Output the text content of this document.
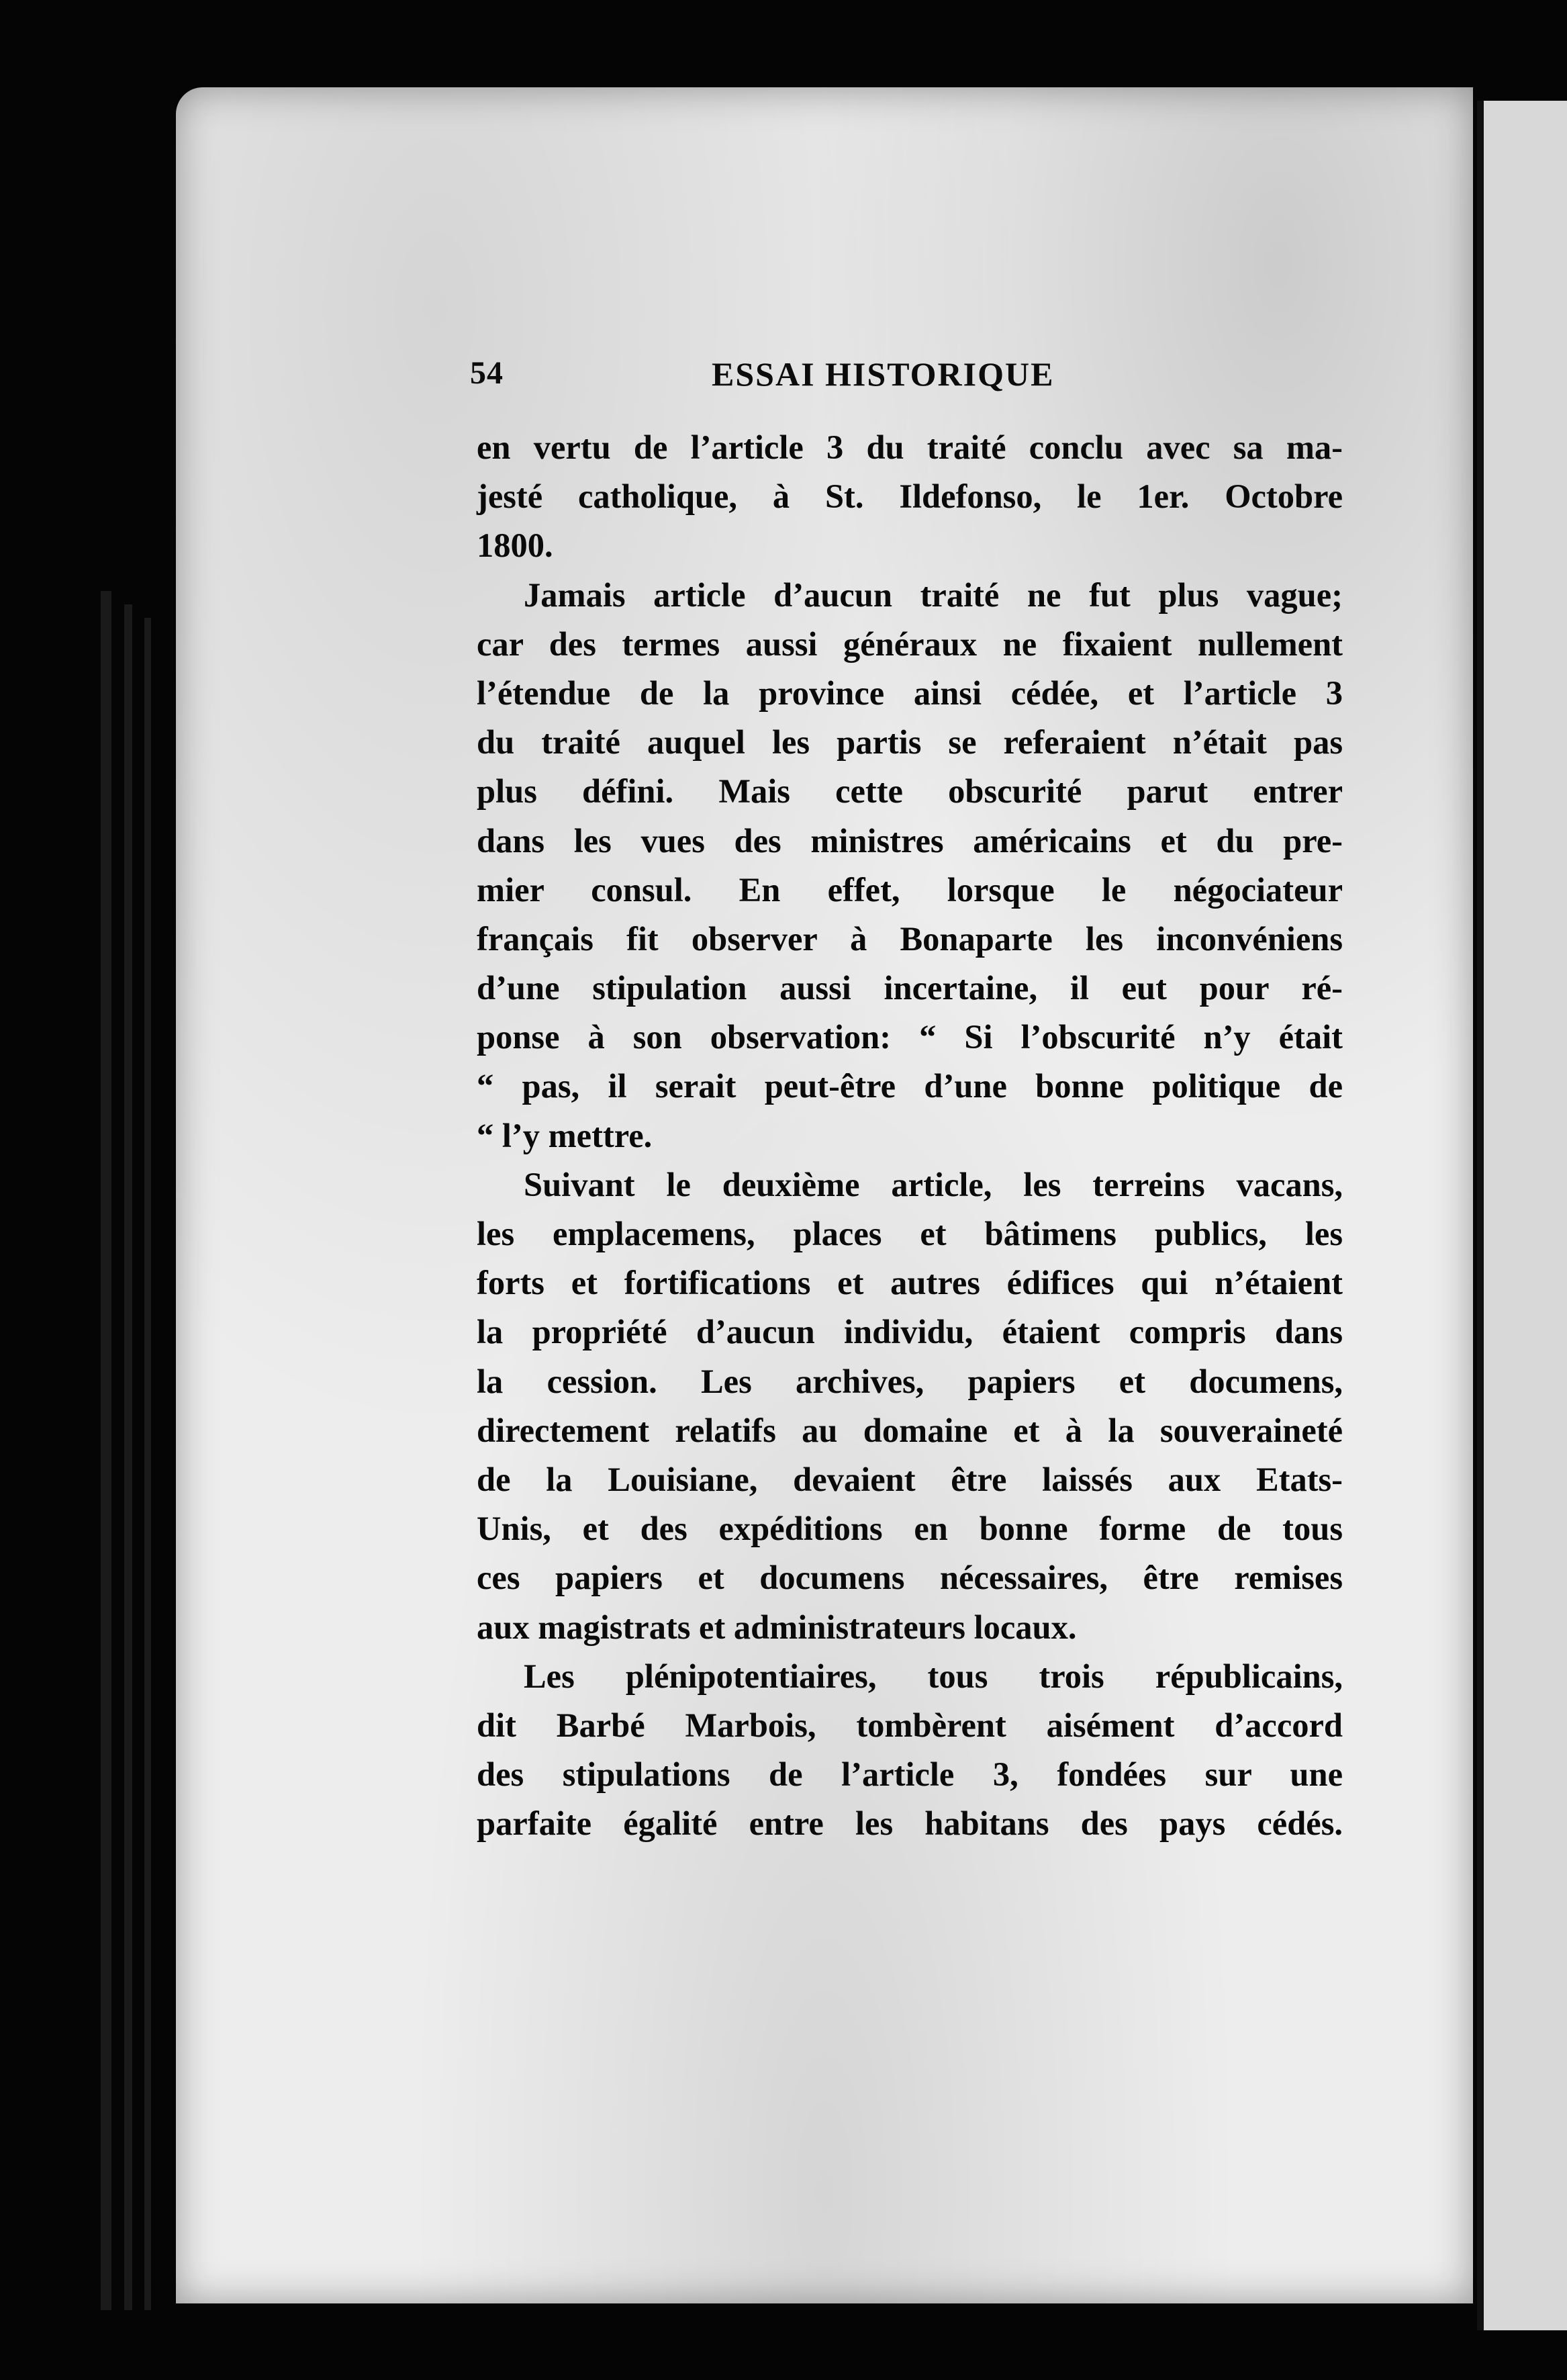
54	ESSAI HISTORIQUE
en vertu de l’article 3 du traité conclu avec sa ma-
jesté catholique, à St. Ildefonso, le 1er. Octobre
1800.
Jamais article d’aucun traité ne fut plus vague;
car des termes aussi généraux ne fixaient nullement
l’étendue de la province ainsi cédée, et l’article 3
du traité auquel les partis se referaient n’était pas
plus défini. Mais cette obscurité parut entrer
dans les vues des ministres américains et du pre-
mier consul. En effet, lorsque le négociateur
français fit observer à Bonaparte les inconvéniens
d’une stipulation aussi incertaine, il eut pour ré-
ponse à son observation: “ Si l’obscurité n’y était
“ pas, il serait peut-être d’une bonne politique de
“ l’y mettre.
Suivant le deuxième article, les terreins vacans,
les emplacemens, places et bâtimens publics, les
forts et fortifications et autres édifices qui n’étaient
la propriété d’aucun individu, étaient compris dans
la cession. Les archives, papiers et documens,
directement relatifs au domaine et à la souveraineté
de la Louisiane, devaient être laissés aux Etats-
Unis, et des expéditions en bonne forme de tous
ces papiers et documens nécessaires, être remises
aux magistrats et administrateurs locaux.
Les plénipotentiaires, tous trois républicains,
dit Barbé Marbois, tombèrent aisément d’accord
des stipulations de l’article 3, fondées sur une
parfaite égalité entre les habitans des pays cédés.
